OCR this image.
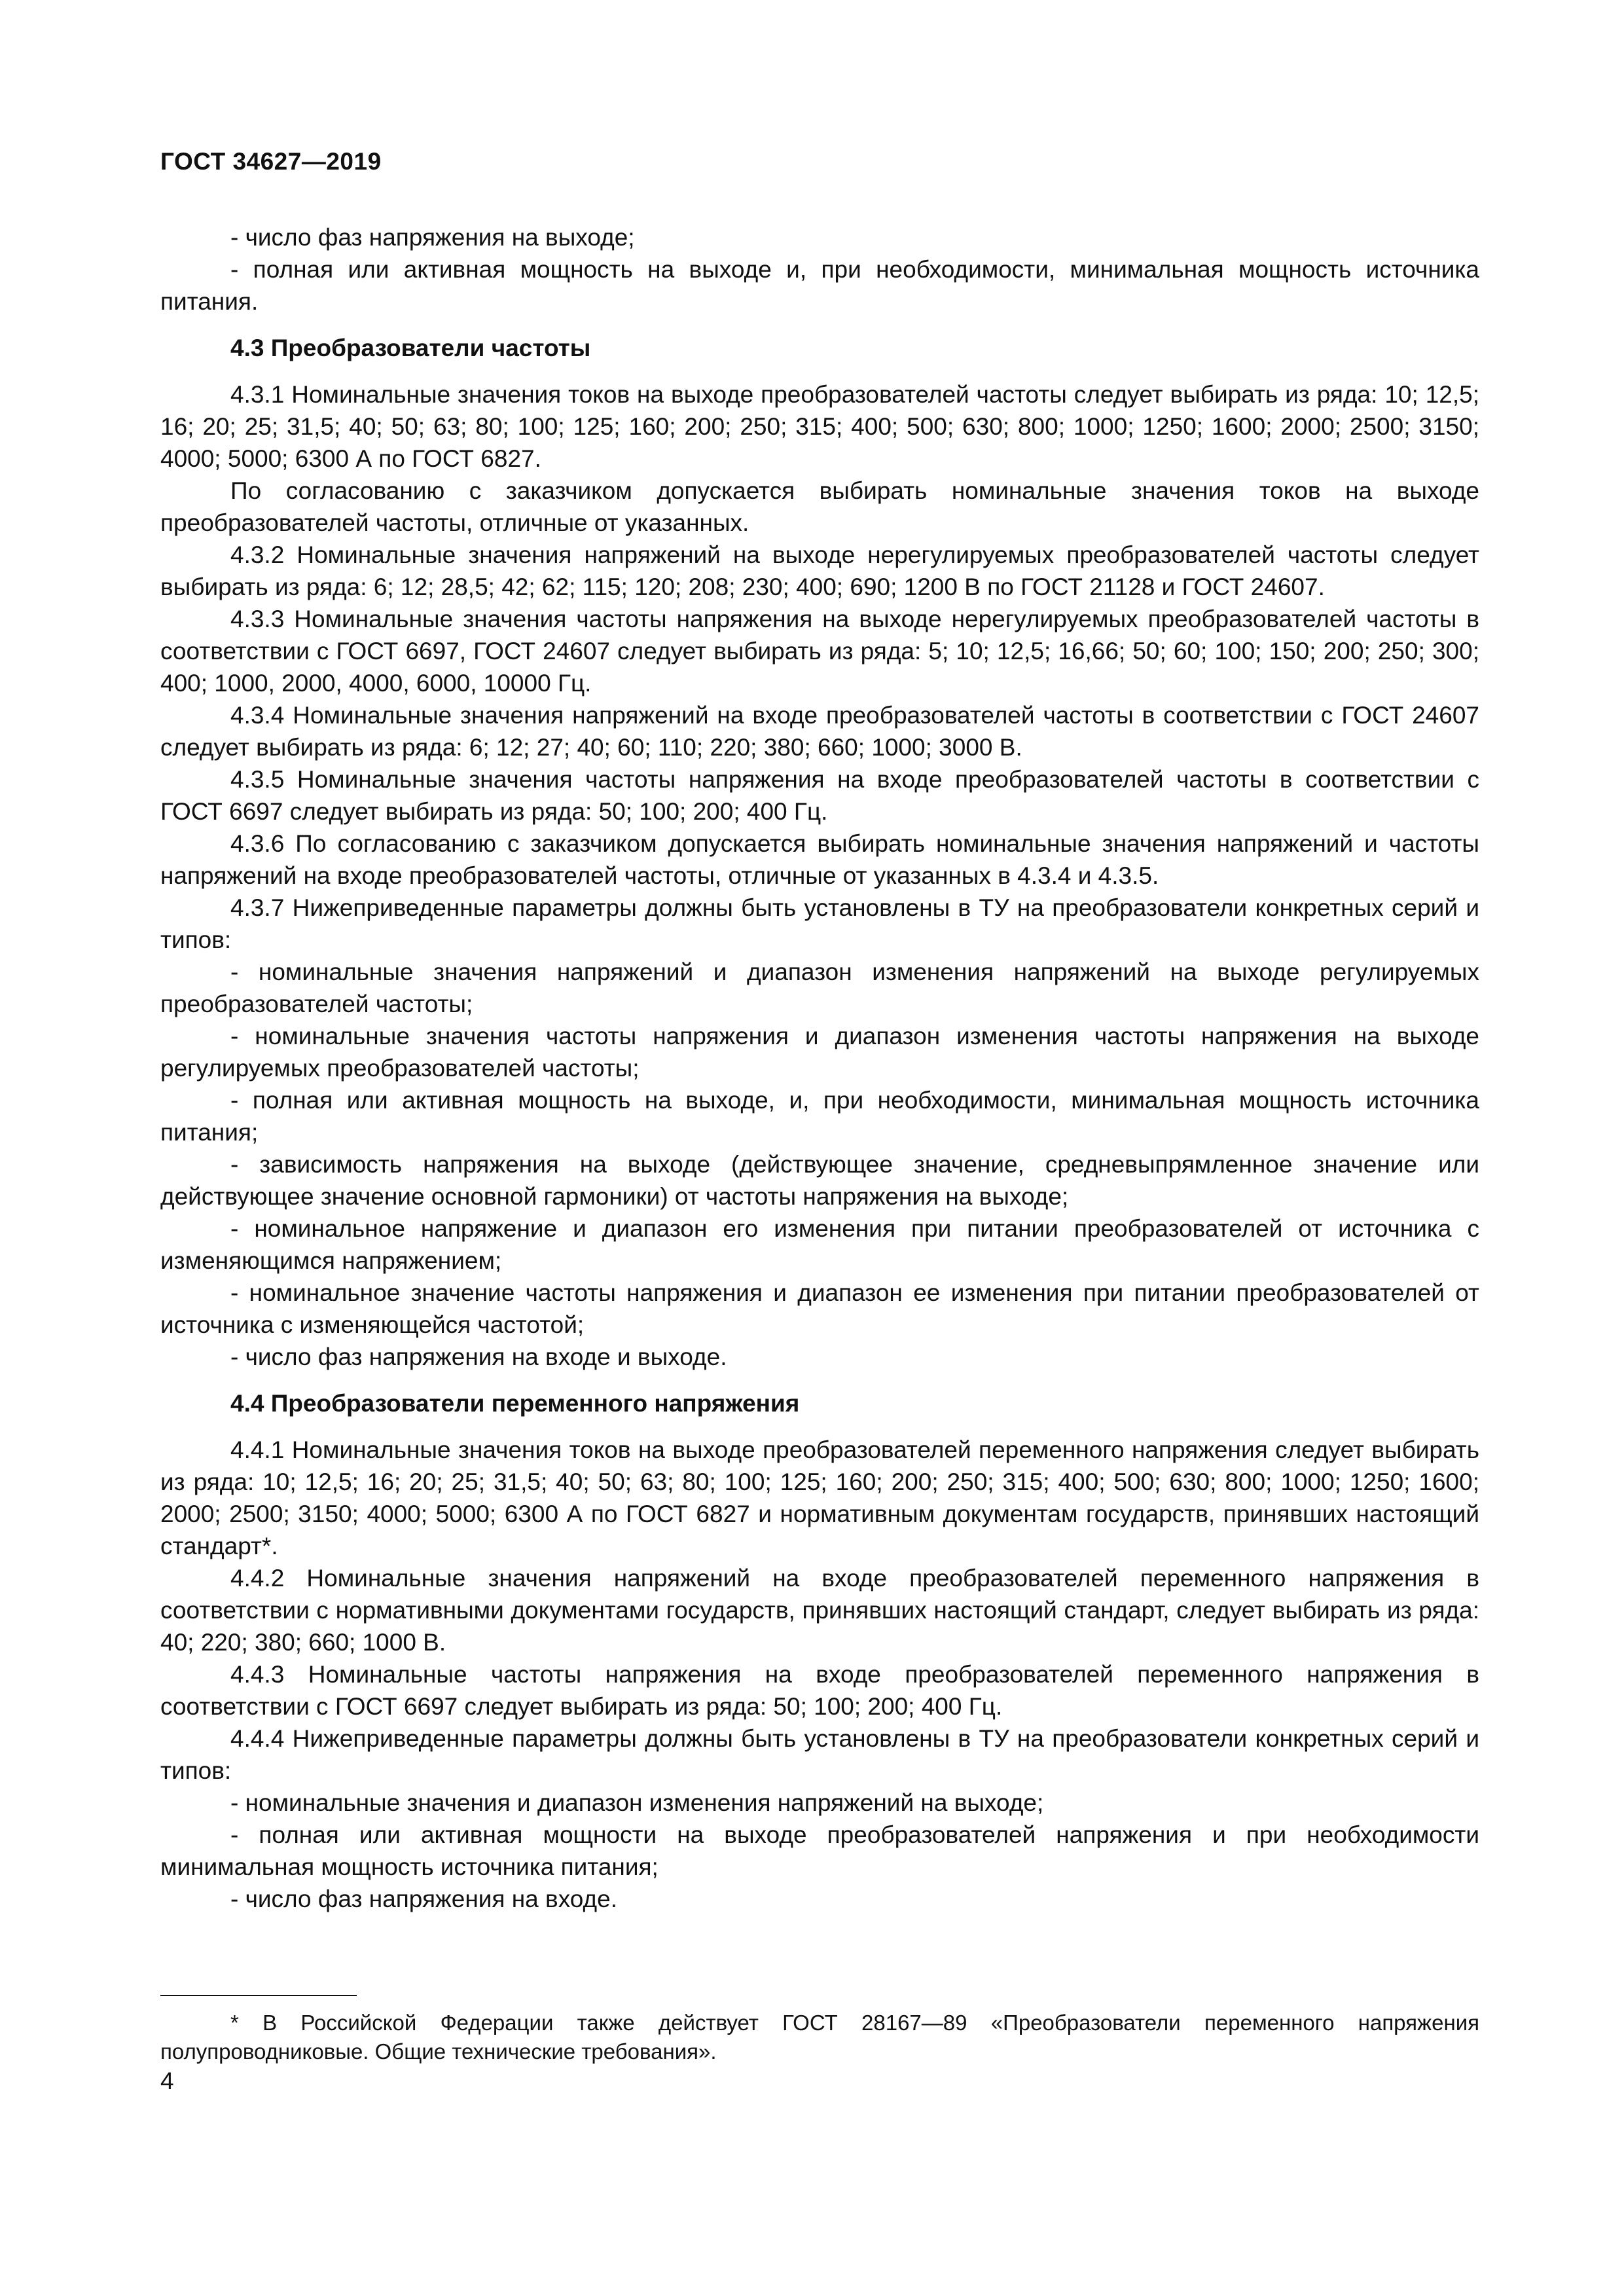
ГОСТ 34627—2019

- число фаз напряжения на выходе;

- полная или активная мощность на выходе и, при необходимости, минимальная мощность источника питания.

4.3 Преобразователи частоты

4.3.1 Номинальные значения токов на выходе преобразователей частоты следует выбирать из ряда: 10; 12,5; 16; 20; 25; 31,5; 40; 50; 63; 80; 100; 125; 160; 200; 250; 315; 400; 500; 630; 800; 1000; 1250; 1600; 2000; 2500; 3150; 4000; 5000; 6300 А по ГОСТ 6827.

По согласованию с заказчиком допускается выбирать номинальные значения токов на выходе преобразователей частоты, отличные от указанных.

4.3.2 Номинальные значения напряжений на выходе нерегулируемых преобразователей частоты следует выбирать из ряда: 6; 12; 28,5; 42; 62; 115; 120; 208; 230; 400; 690; 1200 В по ГОСТ 21128 и ГОСТ 24607.

4.3.3 Номинальные значения частоты напряжения на выходе нерегулируемых преобразователей частоты в соответствии с ГОСТ 6697, ГОСТ 24607 следует выбирать из ряда: 5; 10; 12,5; 16,66; 50; 60; 100; 150; 200; 250; 300; 400; 1000, 2000, 4000, 6000, 10000 Гц.

4.3.4 Номинальные значения напряжений на входе преобразователей частоты в соответствии с ГОСТ 24607 следует выбирать из ряда: 6; 12; 27; 40; 60; 110; 220; 380; 660; 1000; 3000 В.

4.3.5 Номинальные значения частоты напряжения на входе преобразователей частоты в соответствии с ГОСТ 6697 следует выбирать из ряда: 50; 100; 200; 400 Гц.

4.3.6 По согласованию с заказчиком допускается выбирать номинальные значения напряжений и частоты напряжений на входе преобразователей частоты, отличные от указанных в 4.3.4 и 4.3.5.

4.3.7 Нижеприведенные параметры должны быть установлены в ТУ на преобразователи конкретных серий и типов:

- номинальные значения напряжений и диапазон изменения напряжений на выходе регулируемых преобразователей частоты;

- номинальные значения частоты напряжения и диапазон изменения частоты напряжения на выходе регулируемых преобразователей частоты;

- полная или активная мощность на выходе, и, при необходимости, минимальная мощность источника питания;

- зависимость напряжения на выходе (действующее значение, средневыпрямленное значение или действующее значение основной гармоники) от частоты напряжения на выходе;

- номинальное напряжение и диапазон его изменения при питании преобразователей от источника с изменяющимся напряжением;

- номинальное значение частоты напряжения и диапазон ее изменения при питании преобразователей от источника с изменяющейся частотой;

- число фаз напряжения на входе и выходе.

4.4 Преобразователи переменного напряжения

4.4.1 Номинальные значения токов на выходе преобразователей переменного напряжения следует выбирать из ряда: 10; 12,5; 16; 20; 25; 31,5; 40; 50; 63; 80; 100; 125; 160; 200; 250; 315; 400; 500; 630; 800; 1000; 1250; 1600; 2000; 2500; 3150; 4000; 5000; 6300 А по ГОСТ 6827 и нормативным документам государств, принявших настоящий стандарт*.

4.4.2 Номинальные значения напряжений на входе преобразователей переменного напряжения в соответствии с нормативными документами государств, принявших настоящий стандарт, следует выбирать из ряда: 40; 220; 380; 660; 1000 В.

4.4.3 Номинальные частоты напряжения на входе преобразователей переменного напряжения в соответствии с ГОСТ 6697 следует выбирать из ряда: 50; 100; 200; 400 Гц.

4.4.4 Нижеприведенные параметры должны быть установлены в ТУ на преобразователи конкретных серий и типов:

- номинальные значения и диапазон изменения напряжений на выходе;

- полная или активная мощности на выходе преобразователей напряжения и при необходимости минимальная мощность источника питания;

- число фаз напряжения на входе.

* В Российской Федерации также действует ГОСТ 28167—89 «Преобразователи переменного напряжения полупроводниковые. Общие технические требования».
4
